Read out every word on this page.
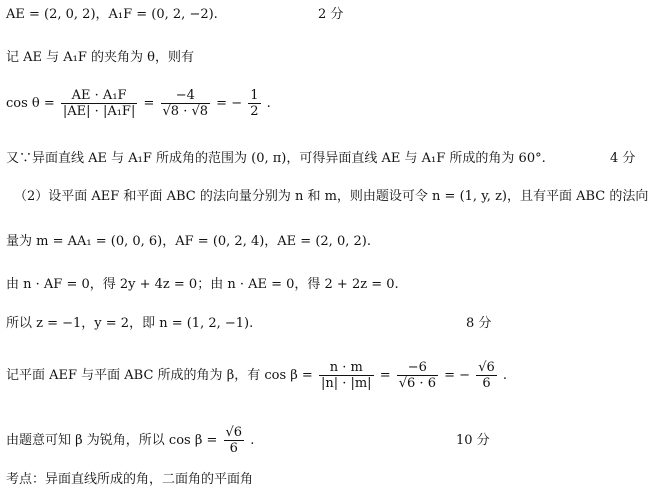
AE = (2, 0, 2)，A₁F = (0, 2, −2).	2 分
记 AE 与 A₁F 的夹角为 θ，则有
$\cos \theta = \frac{\text{AE · A₁F}}{\text{|AE| · |A₁F|}} = \frac{-4}{√8 \cdot √8}$ = − $\frac{1}{2}$ .
又∵异面直线 AE 与 A₁F 所成角的范围为 (0, π)，可得异面直线 AE 与 A₁F 所成的角为 60°.	4 分
（2）设平面 AEF 和平面 ABC 的法向量分别为 n 和 m，则由题设可令 n = (1, y, z)，且有平面 ABC 的法向
量为 m = AA₁ = (0, 0, 6)，AF = (0, 2, 4)，AE = (2, 0, 2).
由 n · AF = 0，得 2y + 4z = 0；由 n · AE = 0，得 2 + 2z = 0.
所以 z = −1，y = 2，即 n = (1, 2, −1).	8 分
记平面 AEF 与平面 ABC 所成的角为 β，有 $\cos \beta = \frac{n \cdot m}{|n| \cdot |m|} = \frac{-6}{√6 \cdot 6}$ = − $\frac{√6}{6}$ .
由题意可知 β 为锐角，所以 $\cos \beta = \frac{√6}{6}$ .	10 分
考点：异面直线所成的角，二面角的平面角
